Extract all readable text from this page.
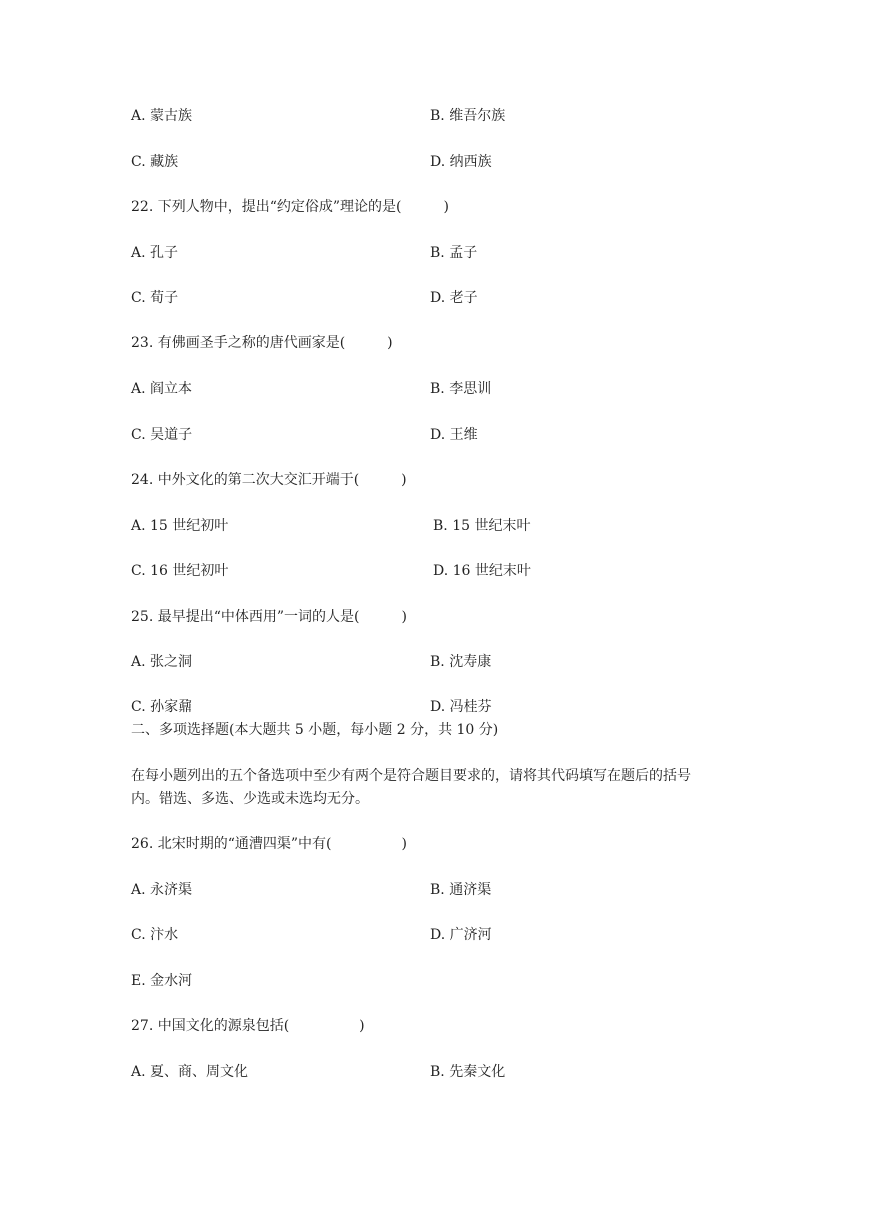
A. 蒙古族	B. 维吾尔族
C. 藏族	D. 纳西族
22. 下列人物中，提出“约定俗成”理论的是(　　　)
A. 孔子	B. 孟子
C. 荀子	D. 老子
23. 有佛画圣手之称的唐代画家是(　　　)
A. 阎立本	B. 李思训
C. 吴道子	D. 王维
24. 中外文化的第二次大交汇开端于(　　　)
A. 15 世纪初叶	B. 15 世纪末叶
C. 16 世纪初叶	D. 16 世纪末叶
25. 最早提出“中体西用”一词的人是(　　　)
A. 张之洞	B. 沈寿康
C. 孙家鼐	D. 冯桂芬
二、多项选择题(本大题共 5 小题，每小题 2 分，共 10 分)
在每小题列出的五个备选项中至少有两个是符合题目要求的，请将其代码填写在题后的括号
内。错选、多选、少选或未选均无分。
26. 北宋时期的“通漕四渠”中有(　　　　　)
A. 永济渠	B. 通济渠
C. 汴水	D. 广济河
E. 金水河
27. 中国文化的源泉包括(　　　　　)
A. 夏、商、周文化	B. 先秦文化
